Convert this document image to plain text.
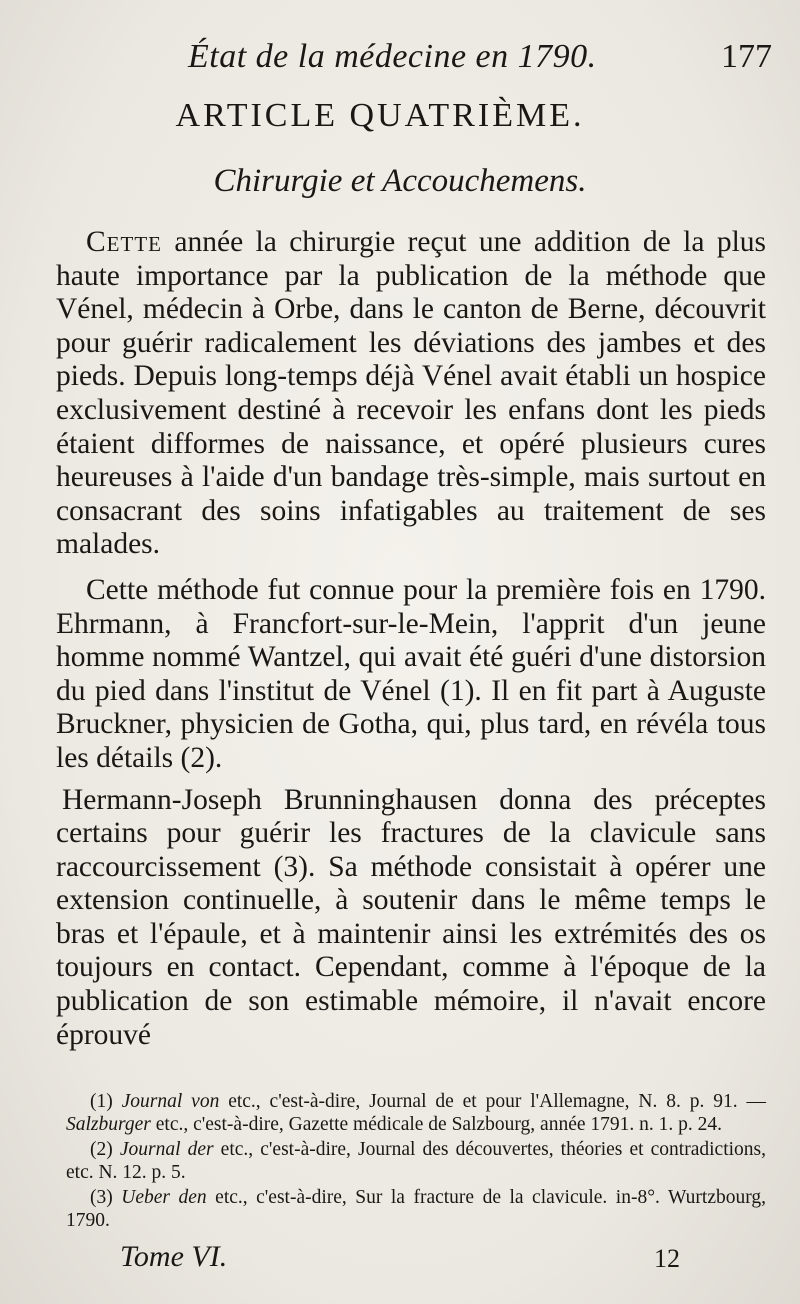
État de la médecine en 1790.	177
ARTICLE QUATRIÈME.
Chirurgie et Accouchemens.

Cette année la chirurgie reçut une addition de la plus haute importance par la publication de la méthode que Vénel, médecin à Orbe, dans le canton de Berne, découvrit pour guérir radicalement les déviations des jambes et des pieds. Depuis long-temps déjà Vénel avait établi un hospice exclusivement destiné à recevoir les enfans dont les pieds étaient difformes de naissance, et opéré plusieurs cures heureuses à l'aide d'un bandage très-simple, mais surtout en consacrant des soins infatigables au traitement de ses malades.

Cette méthode fut connue pour la première fois en 1790. Ehrmann, à Francfort-sur-le-Mein, l'apprit d'un jeune homme nommé Wantzel, qui avait été guéri d'une distorsion du pied dans l'institut de Vénel (1). Il en fit part à Auguste Bruckner, physicien de Gotha, qui, plus tard, en révéla tous les détails (2).

Hermann-Joseph Brunninghausen donna des préceptes certains pour guérir les fractures de la clavicule sans raccourcissement (3). Sa méthode consistait à opérer une extension continuelle, à soutenir dans le même temps le bras et l'épaule, et à maintenir ainsi les extrémités des os toujours en contact. Cependant, comme à l'époque de la publication de son estimable mémoire, il n'avait encore éprouvé

(1) Journal von etc., c'est-à-dire, Journal de et pour l'Allemagne, N. 8. p. 91. — Salzburger etc., c'est-à-dire, Gazette médicale de Salzbourg, année 1791. n. 1. p. 24.

(2) Journal der etc., c'est-à-dire, Journal des découvertes, théories et contradictions, etc. N. 12. p. 5.

(3) Ueber den etc., c'est-à-dire, Sur la fracture de la clavicule. in-8°. Wurtzbourg, 1790.

Tome VI.	12
